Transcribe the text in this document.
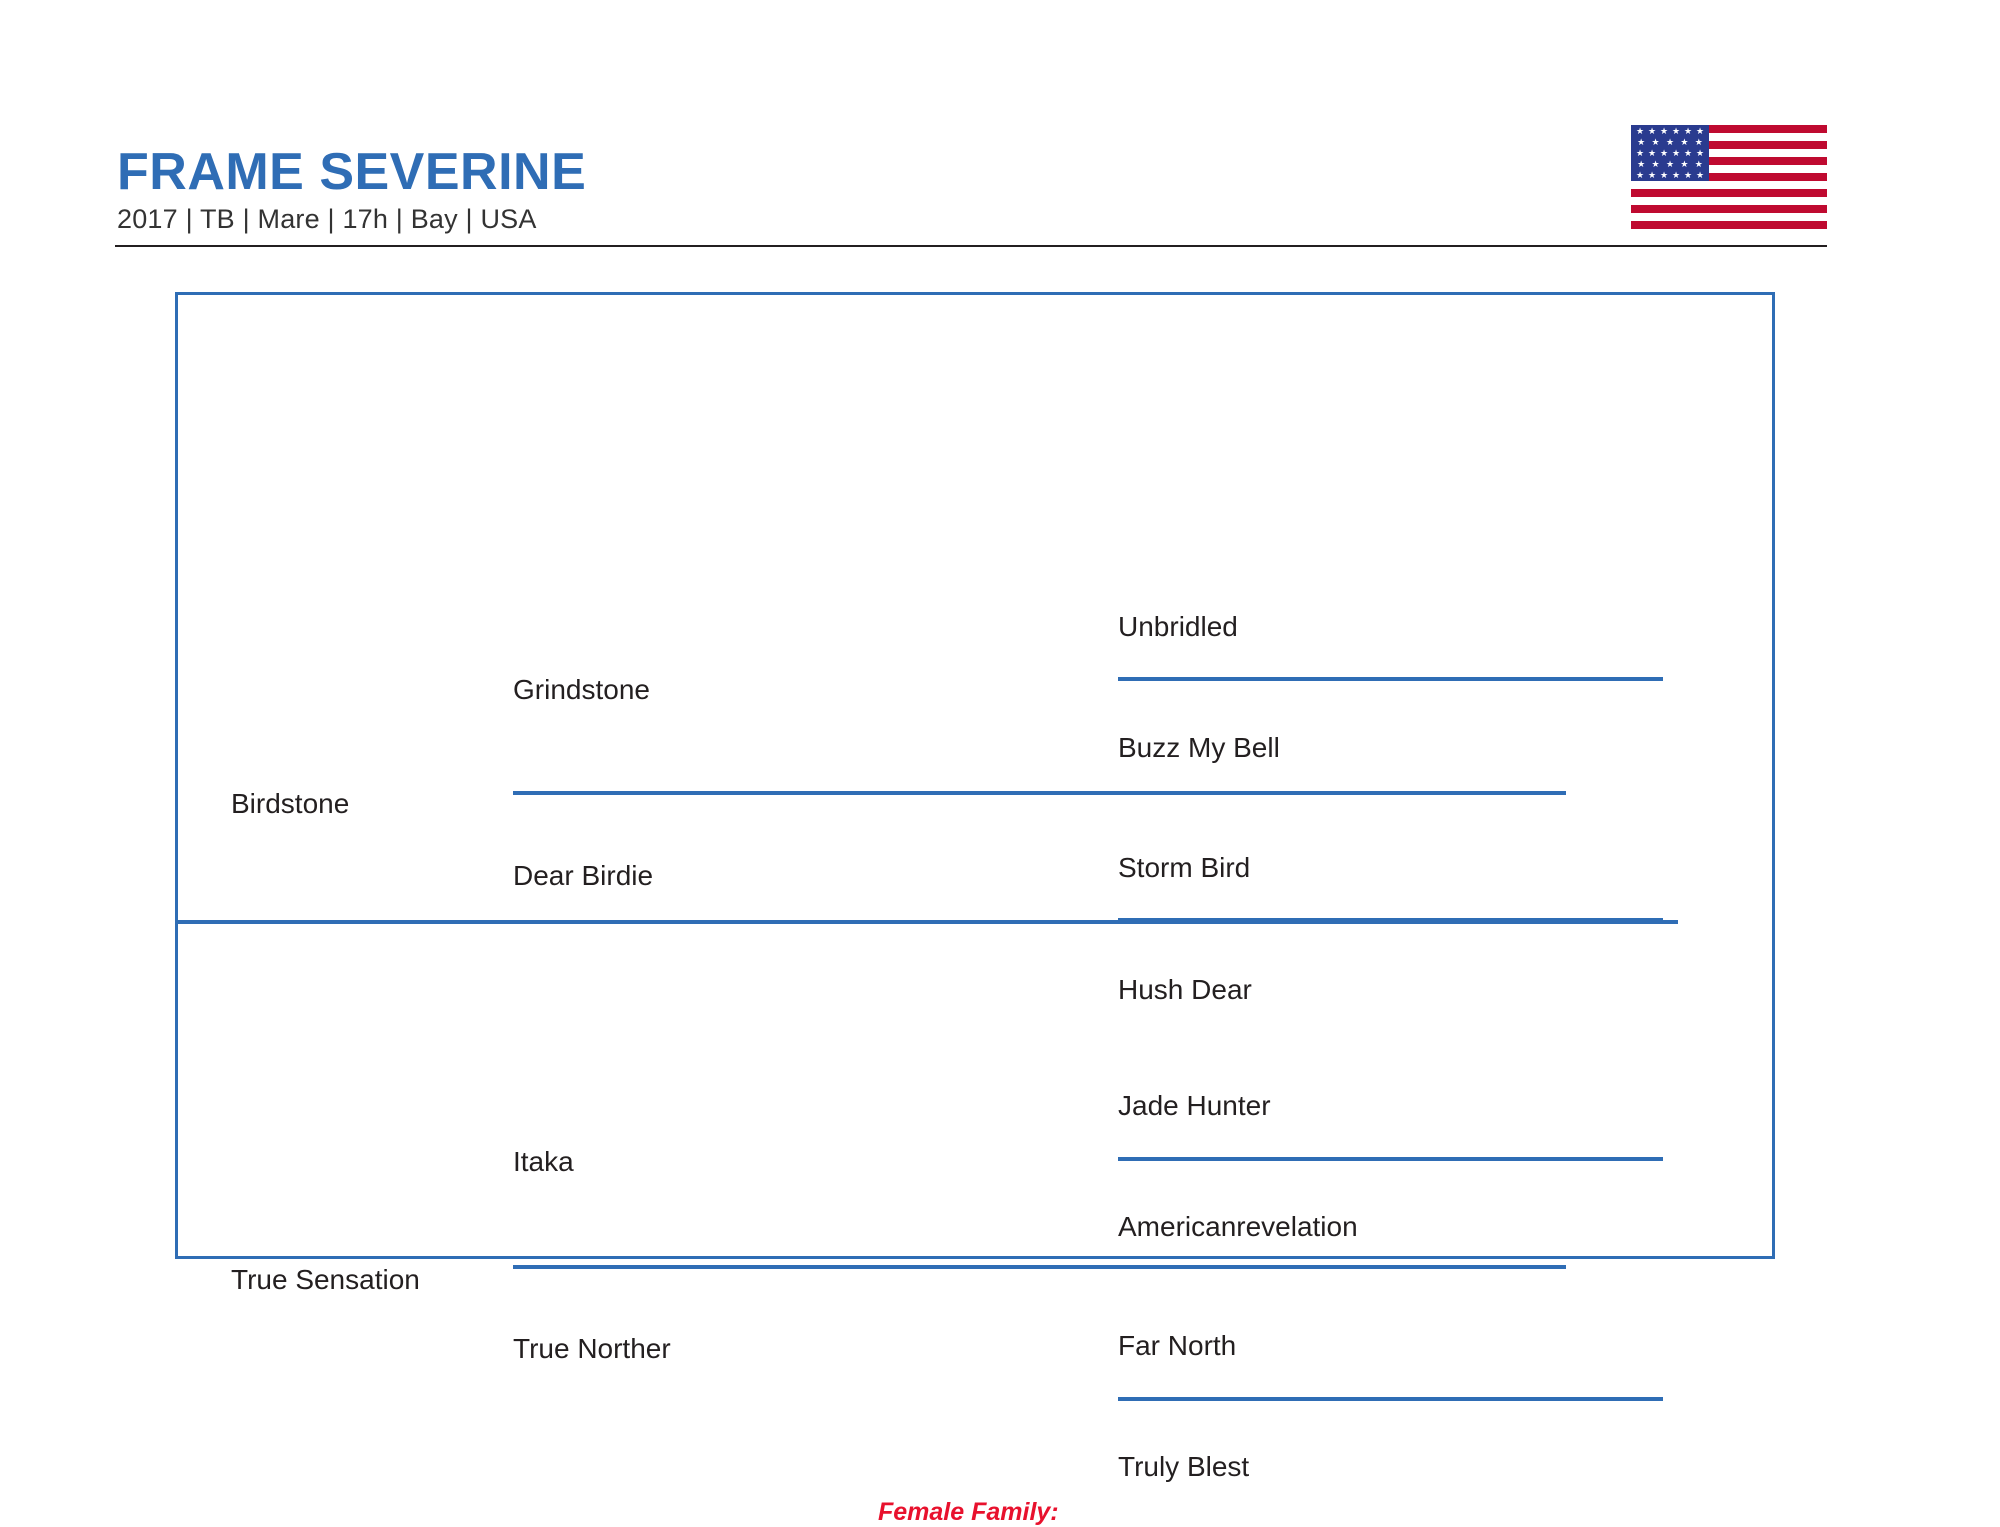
FRAME SEVERINE
2017 | TB | Mare | 17h | Bay | USA
★ ★ ★ ★ ★ ★
★ ★ ★ ★ ★
★ ★ ★ ★ ★ ★
★ ★ ★ ★ ★
★ ★ ★ ★ ★ ★
Birdstone
True Sensation
Grindstone
Dear Birdie
Itaka
True Norther
Unbridled
Buzz My Bell
Storm Bird
Hush Dear
Jade Hunter
Americanrevelation
Far North
Truly Blest
Female Family:
